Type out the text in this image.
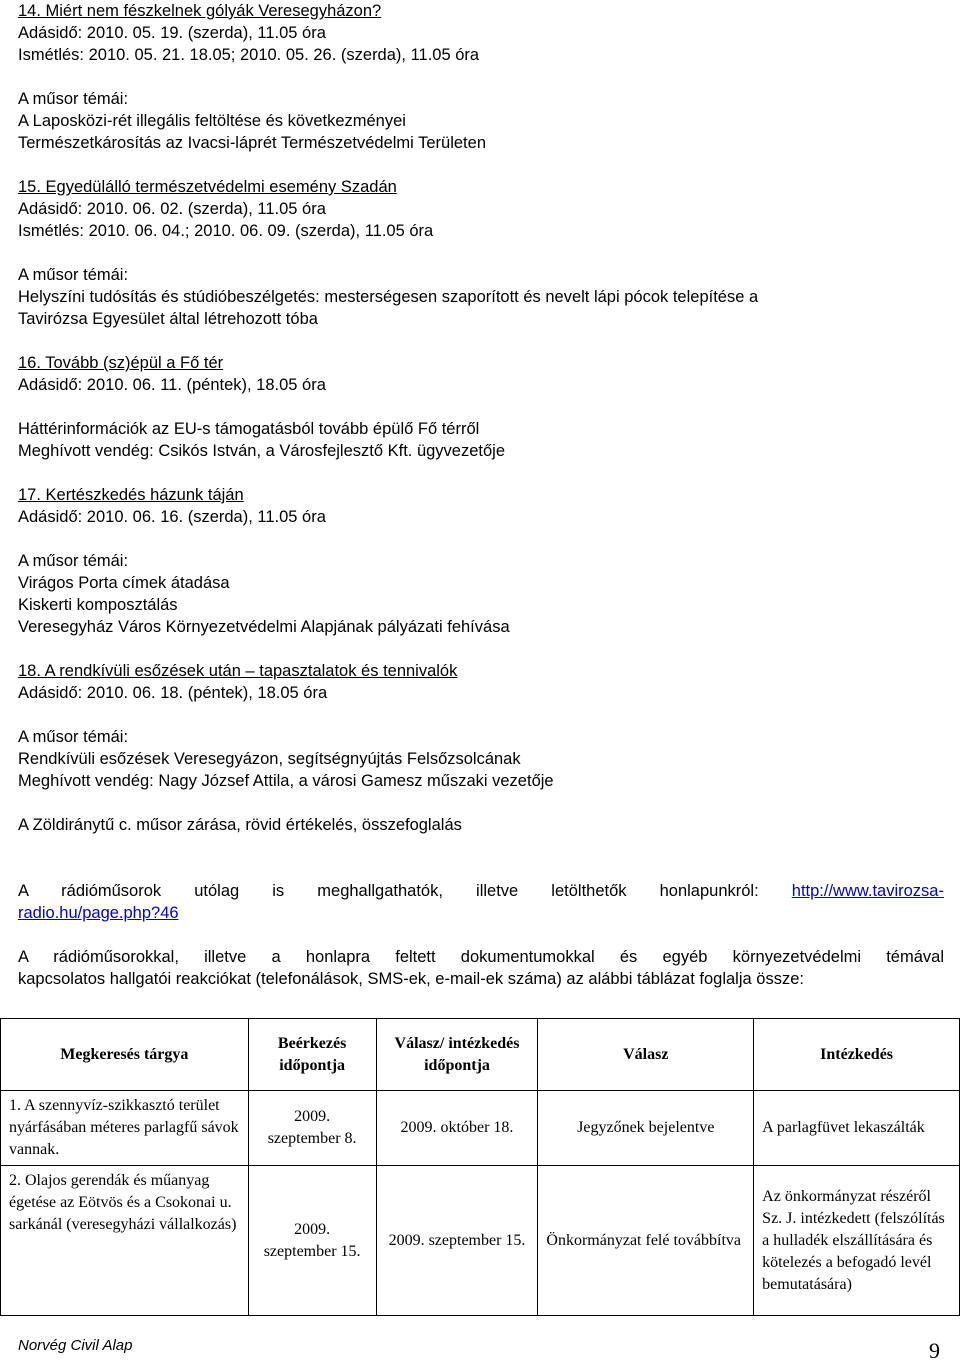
14. Miért nem fészkelnek gólyák Veresegyházon?
Adásidő: 2010. 05. 19. (szerda), 11.05 óra
Ismétlés: 2010. 05. 21. 18.05; 2010. 05. 26. (szerda), 11.05 óra
A műsor témái:
A Laposközi-rét illegális feltöltése és következményei
Természetkárosítás az Ivacsi-láprét Természetvédelmi Területen
15. Egyedülálló természetvédelmi esemény Szadán
Adásidő: 2010. 06. 02. (szerda), 11.05 óra
Ismétlés: 2010. 06. 04.; 2010. 06. 09. (szerda), 11.05 óra
A műsor témái:
Helyszíni tudósítás és stúdióbeszélgetés: mesterségesen szaporított és nevelt lápi pócok telepítése a
Tavirózsa Egyesület által létrehozott tóba
16. Tovább (sz)épül a Fő tér
Adásidő: 2010. 06. 11. (péntek), 18.05 óra
Háttérinformációk az EU-s támogatásból tovább épülő Fő térről
Meghívott vendég: Csikós István, a Városfejlesztő Kft. ügyvezetője
17. Kertészkedés házunk táján
Adásidő: 2010. 06. 16. (szerda), 11.05 óra
A műsor témái:
Virágos Porta címek átadása
Kiskerti komposztálás
Veresegyház Város Környezetvédelmi Alapjának pályázati fehívása
18. A rendkívüli esőzések után – tapasztalatok és tennivalók
Adásidő: 2010. 06. 18. (péntek), 18.05 óra
A műsor témái:
Rendkívüli esőzések Veresegyázon, segítségnyújtás Felsőzsolcának
Meghívott vendég: Nagy József Attila, a városi Gamesz műszaki vezetője
A Zöldiránytű c. műsor zárása, rövid értékelés, összefoglalás
A rádióműsorok utólag is meghallgathatók, illetve letölthetők honlapunkról: http://www.tavirozsa-
radio.hu/page.php?46
A rádióműsorokkal, illetve a honlapra feltett dokumentumokkal és egyéb környezetvédelmi témával
kapcsolatos hallgatói reakciókat (telefonálások, SMS-ek, e-mail-ek száma) az alábbi táblázat foglalja össze:
Megkeresés tárgya	Beérkezés időpontja	Válasz/ intézkedés időpontja	Válasz	Intézkedés
1. A szennyvíz-szikkasztó terület nyárfásában méteres parlagfű sávok vannak.	2009. szeptember 8.	2009. október 18.	Jegyzőnek bejelentve	A parlagfüvet lekaszálták
2. Olajos gerendák és műanyag égetése az Eötvös és a Csokonai u. sarkánál (veresegyházi vállalkozás)	2009. szeptember 15.	2009. szeptember 15.	Önkormányzat felé továbbítva	Az önkormányzat részéről Sz. J. intézkedett (felszólítás a hulladék elszállítására és kötelezés a befogadó levél bemutatására)
Norvég Civil Alap	9
